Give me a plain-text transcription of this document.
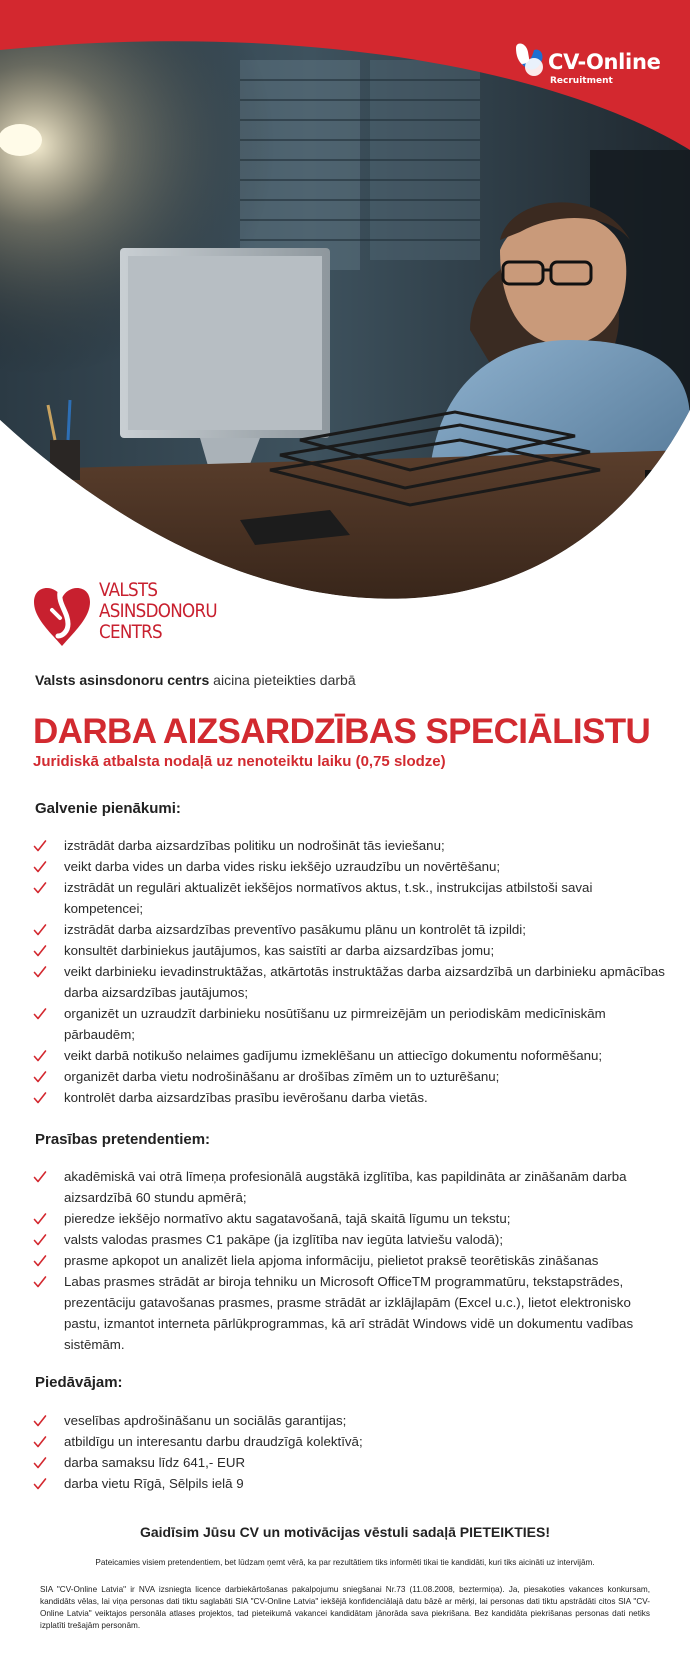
CV-Online
Recruitment
VALSTS
ASINSDONORU
CENTRS
Valsts asinsdonoru centrs aicina pieteikties darbā
DARBA AIZSARDZĪBAS SPECIĀLISTU
Juridiskā atbalsta nodaļā uz nenoteiktu laiku (0,75 slodze)
Galvenie pienākumi:
izstrādāt darba aizsardzības politiku un nodrošināt tās ieviešanu;
veikt darba vides un darba vides risku iekšējo uzraudzību un novērtēšanu;
izstrādāt un regulāri aktualizēt iekšējos normatīvos aktus, t.sk., instrukcijas atbilstoši savai kompetencei;
izstrādāt darba aizsardzības preventīvo pasākumu plānu un kontrolēt tā izpildi;
konsultēt darbiniekus jautājumos, kas saistīti ar darba aizsardzības jomu;
veikt darbinieku ievadinstruktāžas, atkārtotās instruktāžas darba aizsardzībā un darbinieku apmācības darba aizsardzības jautājumos;
organizēt un uzraudzīt darbinieku nosūtīšanu uz pirmreizējām un periodiskām medicīniskām pārbaudēm;
veikt darbā notikušo nelaimes gadījumu izmeklēšanu un attiecīgo dokumentu noformēšanu;
organizēt darba vietu nodrošināšanu ar drošības zīmēm un to uzturēšanu;
kontrolēt darba aizsardzības prasību ievērošanu darba vietās.
Prasības pretendentiem:
akadēmiskā vai otrā līmeņa profesionālā augstākā izglītība, kas papildināta ar zināšanām darba aizsardzībā 60 stundu apmērā;
pieredze iekšējo normatīvo aktu sagatavošanā, tajā skaitā līgumu un tekstu;
valsts valodas prasmes C1 pakāpe (ja izglītība nav iegūta latviešu valodā);
prasme apkopot un analizēt liela apjoma informāciju, pielietot praksē teorētiskās zināšanas
Labas prasmes strādāt ar biroja tehniku un Microsoft OfficeTM programmatūru, tekstapstrādes, prezentāciju gatavošanas prasmes, prasme strādāt ar izklājlapām (Excel u.c.), lietot elektronisko pastu, izmantot interneta pārlūkprogrammas, kā arī strādāt Windows vidē un dokumentu vadības sistēmām.
Piedāvājam:
veselības apdrošināšanu un sociālās garantijas;
atbildīgu un interesantu darbu draudzīgā kolektīvā;
darba samaksu līdz 641,- EUR
darba vietu Rīgā, Sēlpils ielā 9
Gaidīsim Jūsu CV un motivācijas vēstuli sadaļā PIETEIKTIES!
Pateicamies visiem pretendentiem, bet lūdzam ņemt vērā, ka par rezultātiem tiks informēti tikai tie kandidāti, kuri tiks aicināti uz intervijām.
SIA "CV-Online Latvia" ir NVA izsniegta licence darbiekārtošanas pakalpojumu sniegšanai Nr.73 (11.08.2008, beztermiņa). Ja, piesakoties vakances konkursam, kandidāts vēlas, lai viņa personas dati tiktu saglabāti SIA "CV-Online Latvia" iekšējā konfidenciālajā datu bāzē ar mērķi, lai personas dati tiktu apstrādāti citos SIA "CV-Online Latvia" veiktajos personāla atlases projektos, tad pieteikumā vakancei kandidātam jānorāda sava piekrišana. Bez kandidāta piekrišanas personas dati netiks izplatīti trešajām personām.
